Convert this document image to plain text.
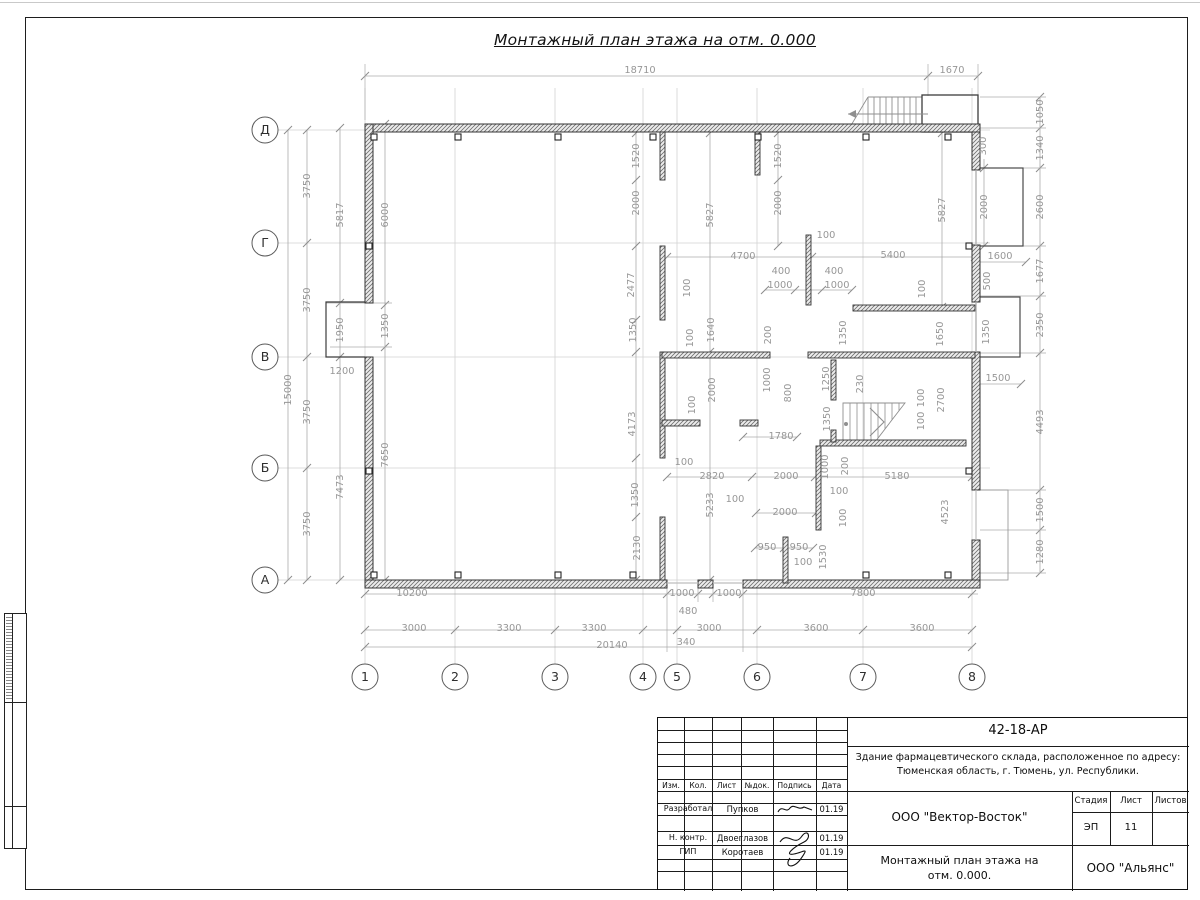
Монтажный план этажа на отм. 0.000
18710	1670
1050
1340
2600
1677
2350
4493
1500
1280
3750
3750
3750
3750
15000
5817
1950
7473
6000
1350
7650
1200
10200	1000 1000
480
7800
3000	3300	3300	3000	3600	3600
20140	340
300
2000
1600
500
1350
1500
1520
2000
2477
5827
1520
2000	5827
4700
100
5400
400	400
1000	1000	100
1650
1350
100
1350
4173
1350
2130
100 1640	200
1000
800
2000
100
1780
100
2820
5233 100
2000	5180
2000
950 950
100 1530
1000 200
100
100
1250 230
1350
100
100
2700
4523
Д
Г
В
Б
А
1	2	3	4 5	6	7	8
42-18-АР
Здание фармацевтического склада, расположенное по адресу:
Тюменская область, г. Тюмень, ул. Республики.
ООО "Вектор-Восток"
Стадия	Лист	Листов
ЭП	11
Монтажный план этажа на
отм. 0.000.
ООО "Альянс"
Изм.	Кол.	Лист	№док.	Подпись	Дата
Разработал	Пупков	01.19
Н. контр.	Двоеглазов	01.19
ГИП	Коротаев	01.19
